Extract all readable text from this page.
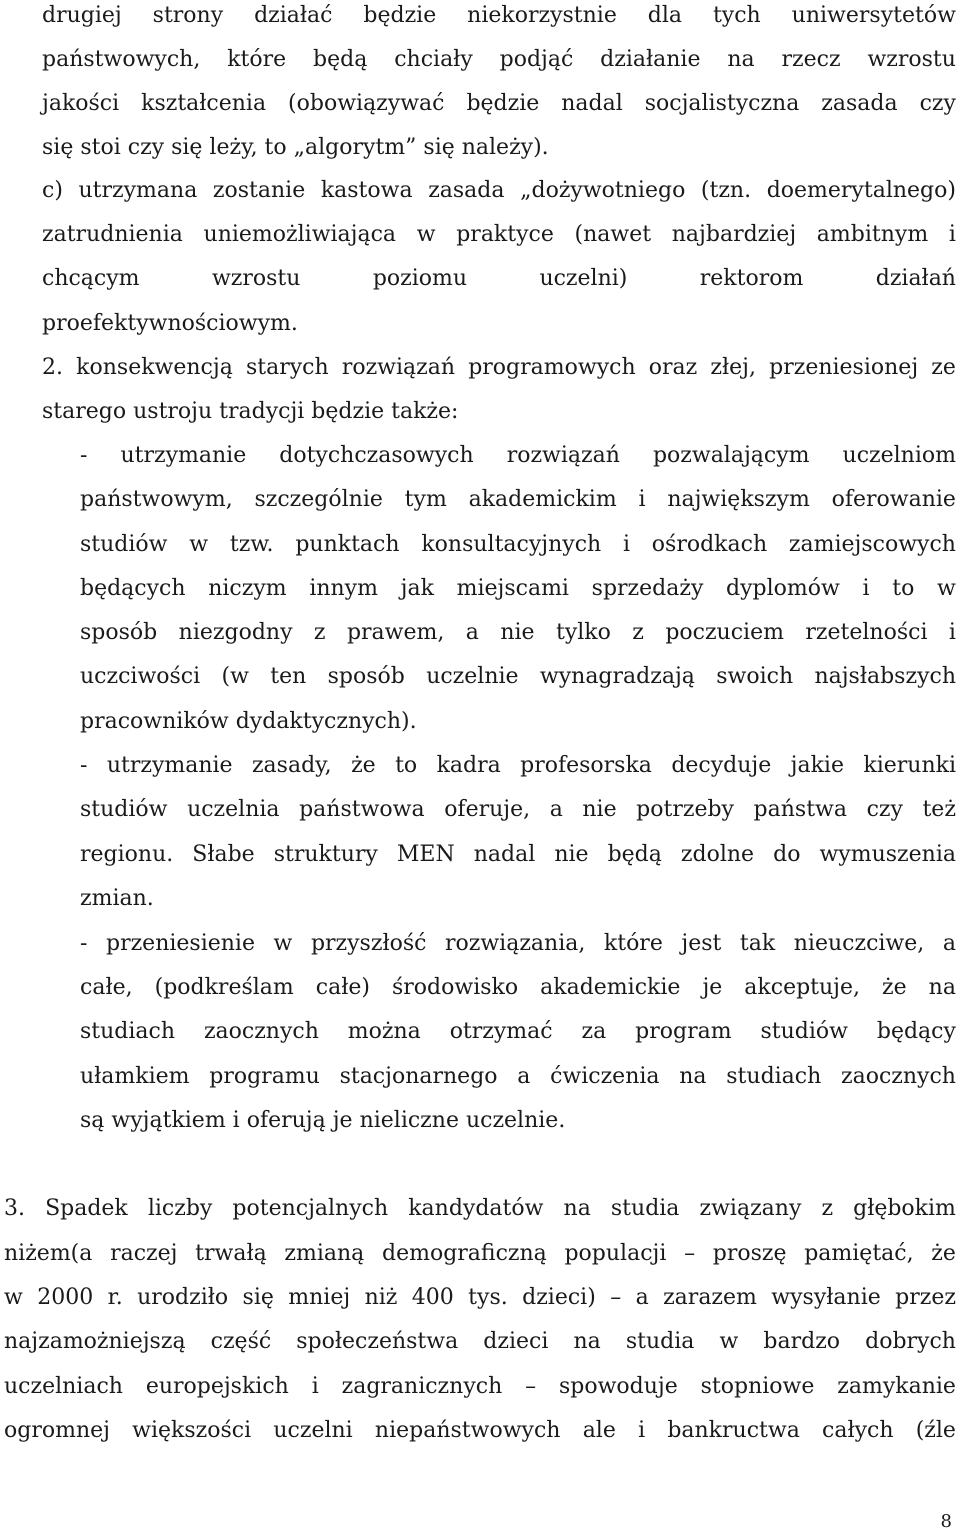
drugiej strony działać będzie niekorzystnie dla tych uniwersytetów
państwowych, które będą chciały podjąć działanie na rzecz wzrostu
jakości kształcenia (obowiązywać będzie nadal socjalistyczna zasada czy
się stoi czy się leży, to „algorytm” się należy).
c) utrzymana zostanie kastowa zasada „dożywotniego (tzn. doemerytalnego)
zatrudnienia uniemożliwiająca w praktyce (nawet najbardziej ambitnym i
chcącym	wzrostu	poziomu	uczelni)	rektorom	działań
proefektywnościowym.
2. konsekwencją starych rozwiązań programowych oraz złej, przeniesionej ze
starego ustroju tradycji będzie także:
- utrzymanie dotychczasowych rozwiązań pozwalającym uczelniom
państwowym, szczególnie tym akademickim i największym oferowanie
studiów w tzw. punktach konsultacyjnych i ośrodkach zamiejscowych
będących niczym innym jak miejscami sprzedaży dyplomów i to w
sposób niezgodny z prawem, a nie tylko z poczuciem rzetelności i
uczciwości (w ten sposób uczelnie wynagradzają swoich najsłabszych
pracowników dydaktycznych).
- utrzymanie zasady, że to kadra profesorska decyduje jakie kierunki
studiów uczelnia państwowa oferuje, a nie potrzeby państwa czy też
regionu. Słabe struktury MEN nadal nie będą zdolne do wymuszenia
zmian.
- przeniesienie w przyszłość rozwiązania, które jest tak nieuczciwe, a
całe, (podkreślam całe) środowisko akademickie je akceptuje, że na
studiach zaocznych można otrzymać za program studiów będący
ułamkiem programu stacjonarnego a ćwiczenia na studiach zaocznych
są wyjątkiem i oferują je nieliczne uczelnie.
3. Spadek liczby potencjalnych kandydatów na studia związany z głębokim
niżem(a raczej trwałą zmianą demograficzną populacji – proszę pamiętać, że
w 2000 r. urodziło się mniej niż 400 tys. dzieci) – a zarazem wysyłanie przez
najzamożniejszą część społeczeństwa dzieci na studia w bardzo dobrych
uczelniach europejskich i zagranicznych – spowoduje stopniowe zamykanie
ogromnej większości uczelni niepaństwowych ale i bankructwa całych (źle
8
